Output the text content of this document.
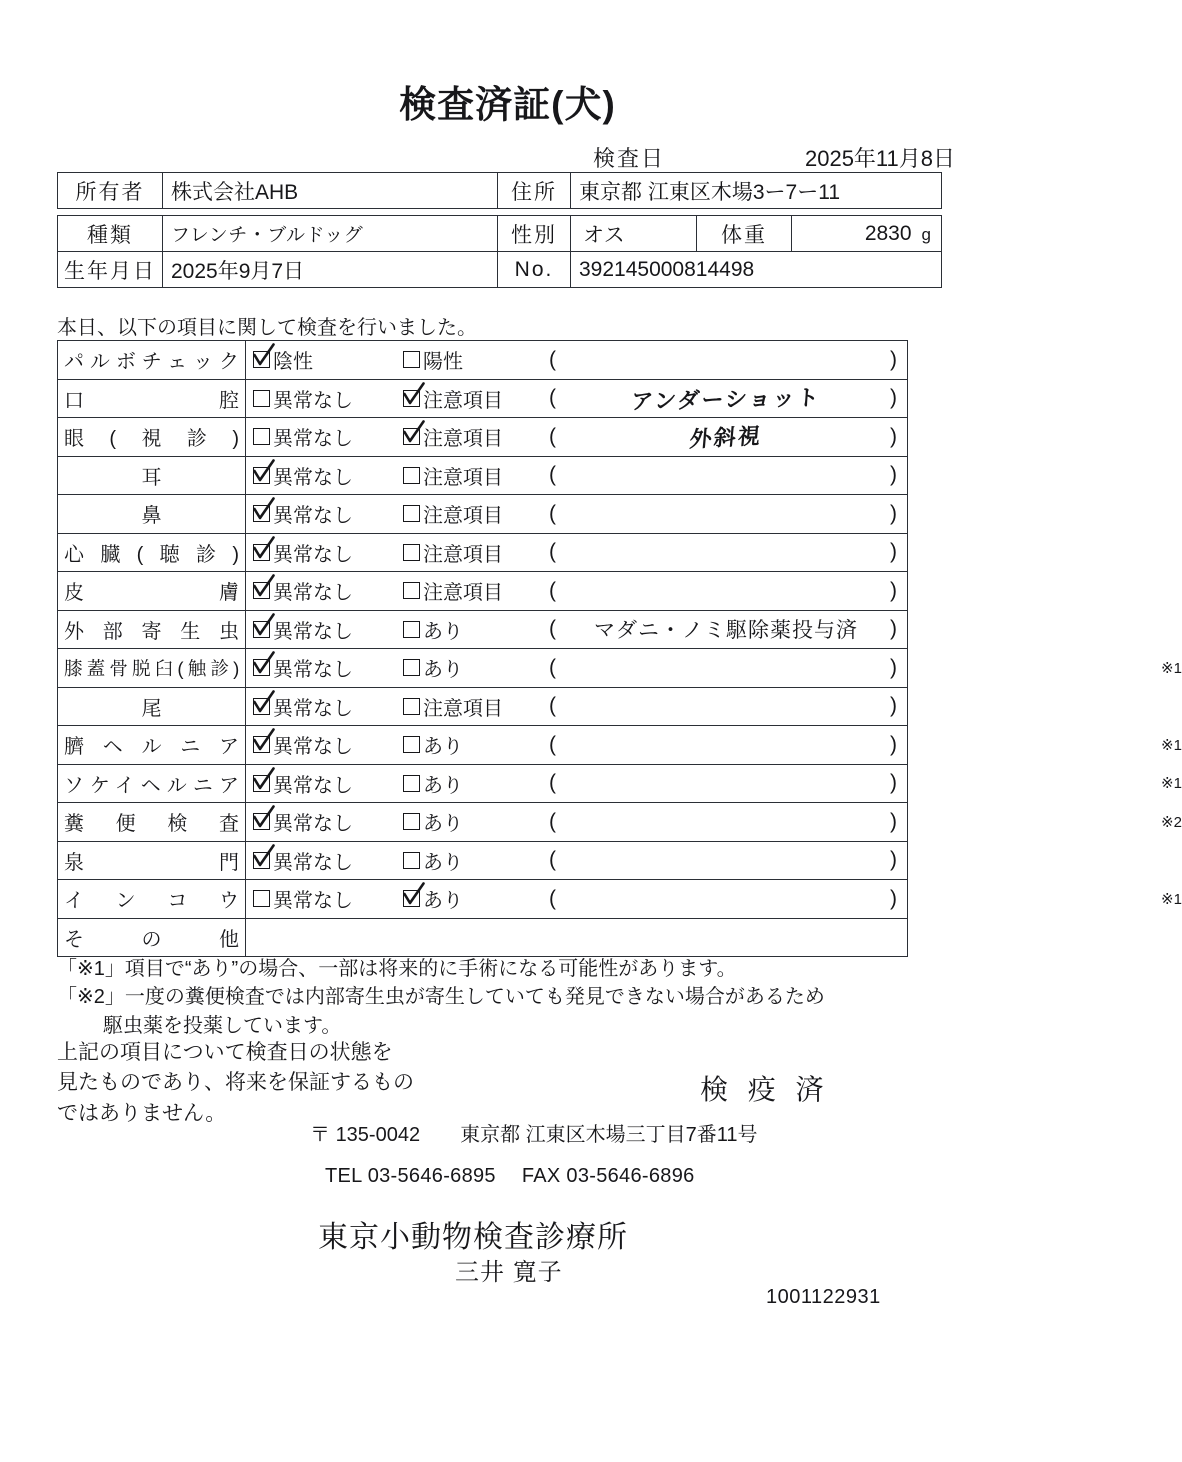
検査済証(犬)
検査日	2025年11月8日
所有者	株式会社AHB	住所	東京都 江東区木場3ー7ー11

種類	フレンチ・ブルドッグ	性別	オス	体重	2830 g

生年月日	2025年9月7日	No.	392145000814498
本日、以下の項目に関して検査を行いました。
パルボチェック	陰性 陽性 ( )

口腔	異常なし 注意項目 ( アンダーショット )

眼(視診)	異常なし 注意項目 ( 外斜視 )

耳	異常なし 注意項目 ( )

鼻	異常なし 注意項目 ( )

心臓(聴診)	異常なし 注意項目 ( )

皮膚	異常なし 注意項目 ( )

外部寄生虫	異常なし あり ( マダニ・ノミ駆除薬投与済 )

膝蓋骨脱臼(触診)	異常なし あり ( ) ※1

尾	異常なし 注意項目 ( )

臍ヘルニア	異常なし あり ( ) ※1

ソケイヘルニア	異常なし あり ( ) ※1

糞便検査	異常なし あり ( ) ※2

泉門	異常なし あり ( )

インコウ	異常なし あり ( ) ※1

その他	
「※1」項目で“あり”の場合、一部は将来的に手術になる可能性があります。
「※2」一度の糞便検査では内部寄生虫が寄生していても発見できない場合があるため
駆虫薬を投薬しています。
上記の項目について検査日の状態を
見たものであり、将来を保証するもの
ではありません。
検 疫 済
〒 135-0042 東京都 江東区木場三丁目7番11号
TEL 03-5646-6895 FAX 03-5646-6896
東京小動物検査診療所
三井 寛子
1001122931
